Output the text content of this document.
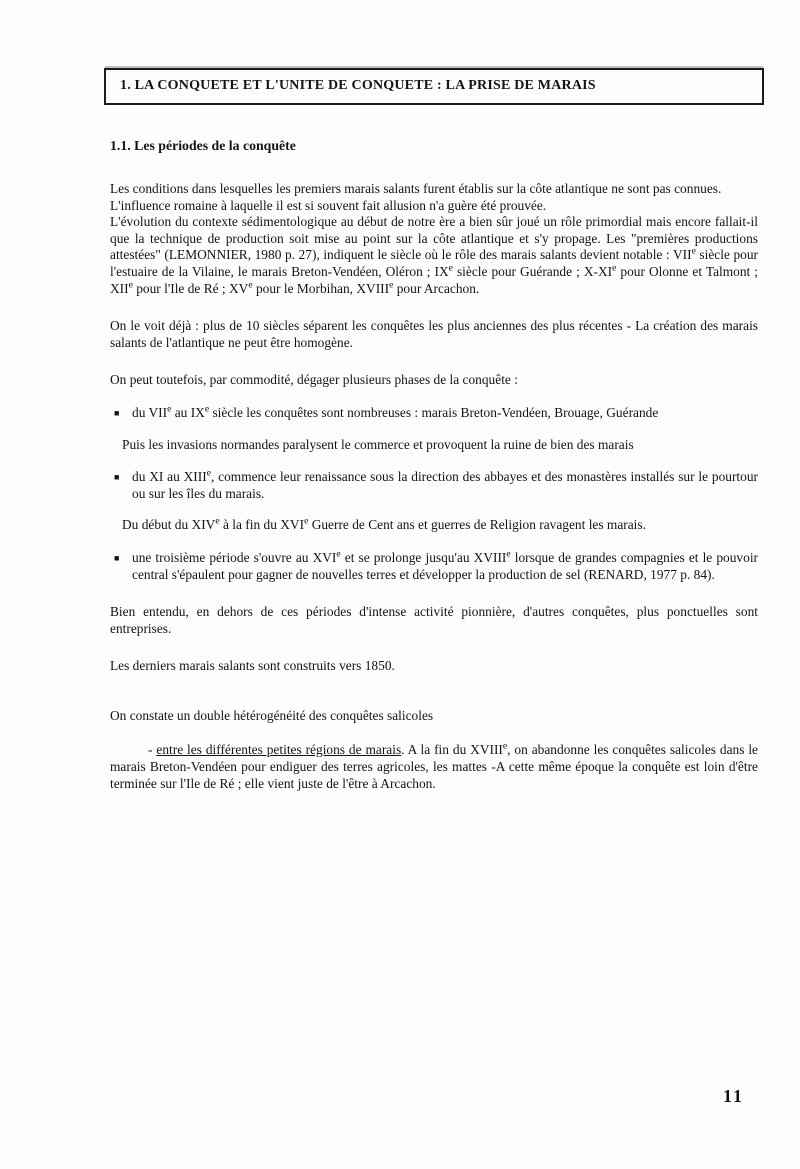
1. LA CONQUETE ET L'UNITE DE CONQUETE : LA PRISE DE MARAIS
1.1. Les périodes de la conquête
Les conditions dans lesquelles les premiers marais salants furent établis sur la côte atlantique ne sont pas connues.
L'influence romaine à laquelle il est si souvent fait allusion n'a guère été prouvée.
L'évolution du contexte sédimentologique au début de notre ère a bien sûr joué un rôle primordial mais encore fallait-il que la technique de production soit mise au point sur la côte atlantique et s'y propage. Les "premières productions attestées" (LEMONNIER, 1980 p. 27), indiquent le siècle où le rôle des marais salants devient notable : VIIe siècle pour l'estuaire de la Vilaine, le marais Breton-Vendéen, Oléron ; IXe siècle pour Guérande ; X-XIe pour Olonne et Talmont ; XIIe pour l'Ile de Ré ; XVe pour le Morbihan, XVIIIe pour Arcachon.
On le voit déjà : plus de 10 siècles séparent les conquêtes les plus anciennes des plus récentes - La création des marais salants de l'atlantique ne peut être homogène.
On peut toutefois, par commodité, dégager plusieurs phases de la conquête :
■ du VIIe au IXe siècle les conquêtes sont nombreuses : marais Breton-Vendéen, Brouage, Guérande
Puis les invasions normandes paralysent le commerce et provoquent la ruine de bien des marais
■ du XI au XIIIe, commence leur renaissance sous la direction des abbayes et des monastères installés sur le pourtour ou sur les îles du marais.
Du début du XIVe à la fin du XVIe Guerre de Cent ans et guerres de Religion ravagent les marais.
■ une troisième période s'ouvre au XVIe et se prolonge jusqu'au XVIIIe lorsque de grandes compagnies et le pouvoir central s'épaulent pour gagner de nouvelles terres et développer la production de sel (RENARD, 1977 p. 84).
Bien entendu, en dehors de ces périodes d'intense activité pionnière, d'autres conquêtes, plus ponctuelles sont entreprises.
Les derniers marais salants sont construits vers 1850.
On constate un double hétérogénéité des conquêtes salicoles
- entre les différentes petites régions de marais. A la fin du XVIIIe, on abandonne les conquêtes salicoles dans le marais Breton-Vendéen pour endiguer des terres agricoles, les mattes -A cette même époque la conquête est loin d'être terminée sur l'Ile de Ré ; elle vient juste de l'être à Arcachon.
11
